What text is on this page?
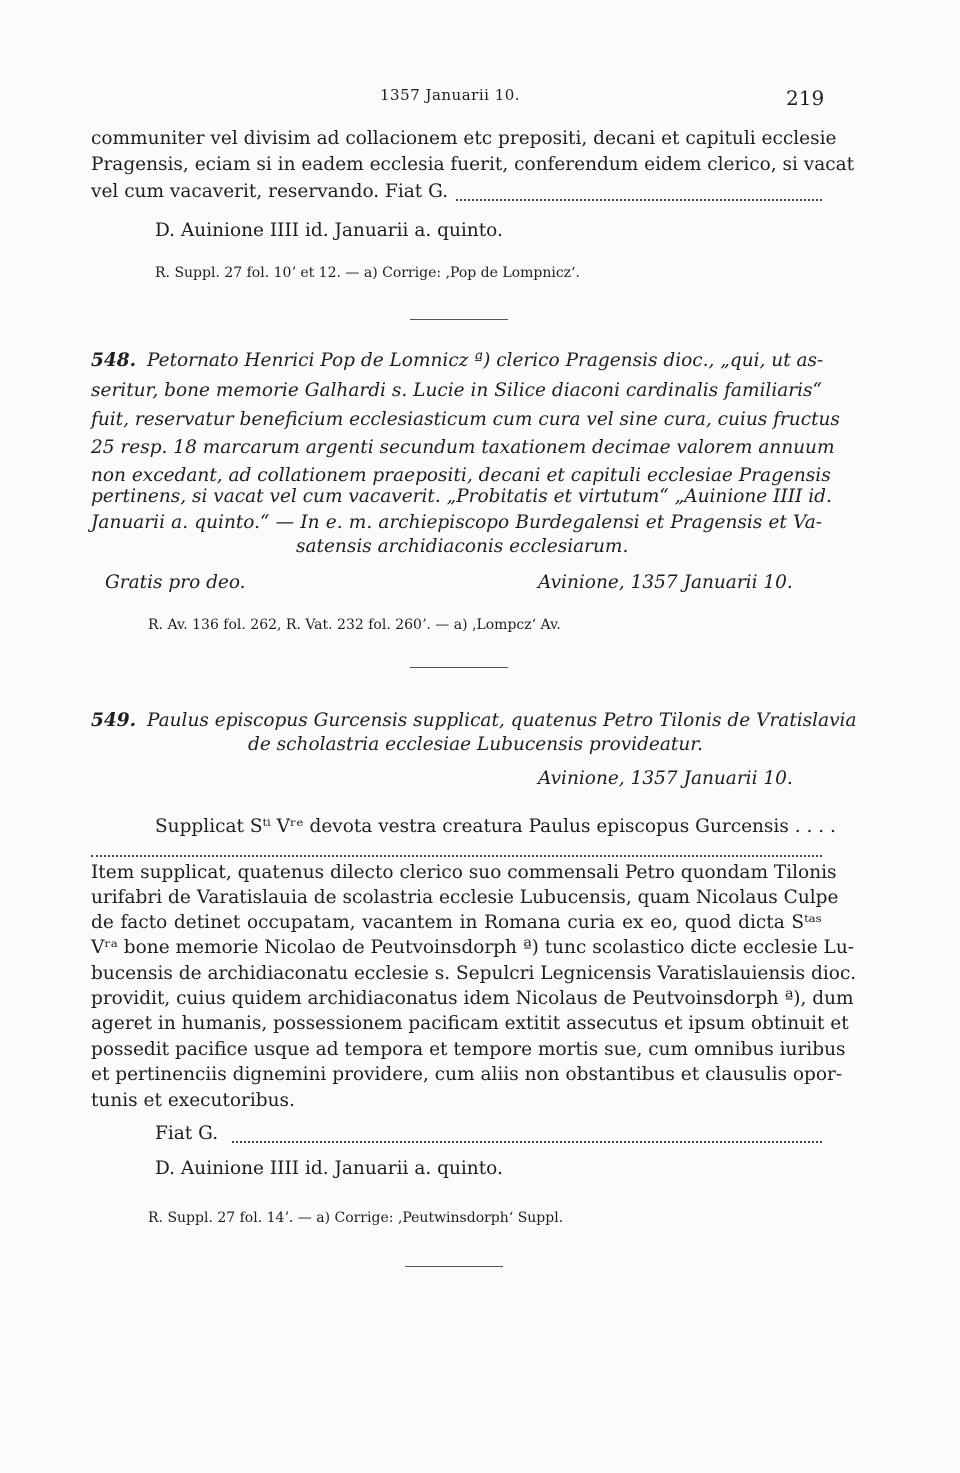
1357 Januarii 10.	219
communiter vel divisim ad collacionem etc prepositi, decani et capituli ecclesie
Pragensis, eciam si in eadem ecclesia fuerit, conferendum eidem clerico, si vacat
vel cum vacaverit, reservando. Fiat G.
D. Auinione IIII id. Januarii a. quinto.
R. Suppl. 27 fol. 10ʼ et 12. — a) Corrige: ‚Pop de Lompnicz‘.
548. Petornato Henrici Pop de Lomnicz ª) clerico Pragensis dioc., „qui, ut as-
seritur, bone memorie Galhardi s. Lucie in Silice diaconi cardinalis familiaris“
fuit, reservatur beneficium ecclesiasticum cum cura vel sine cura, cuius fructus
25 resp. 18 marcarum argenti secundum taxationem decimae valorem annuum
non excedant, ad collationem praepositi, decani et capituli ecclesiae Pragensis
pertinens, si vacat vel cum vacaverit. „Probitatis et virtutum“ „Auinione IIII id.
Januarii a. quinto.“ — In e. m. archiepiscopo Burdegalensi et Pragensis et Va-
satensis archidiaconis ecclesiarum.
Gratis pro deo.	Avinione, 1357 Januarii 10.
R. Av. 136 fol. 262, R. Vat. 232 fol. 260ʼ. — a) ‚Lompcz‘ Av.
549. Paulus episcopus Gurcensis supplicat, quatenus Petro Tilonis de Vratislavia
de scholastria ecclesiae Lubucensis provideatur.
Avinione, 1357 Januarii 10.
Supplicat Sᵗⁱ Vʳᵉ devota vestra creatura Paulus episcopus Gurcensis . . . .
Item supplicat, quatenus dilecto clerico suo commensali Petro quondam Tilonis
urifabri de Varatislauia de scolastria ecclesie Lubucensis, quam Nicolaus Culpe
de facto detinet occupatam, vacantem in Romana curia ex eo, quod dicta Sᵗᵃˢ
Vʳᵃ bone memorie Nicolao de Peutvoinsdorph ª) tunc scolastico dicte ecclesie Lu-
bucensis de archidiaconatu ecclesie s. Sepulcri Legnicensis Varatislauiensis dioc.
providit, cuius quidem archidiaconatus idem Nicolaus de Peutvoinsdorph ª), dum
ageret in humanis, possessionem pacificam extitit assecutus et ipsum obtinuit et
possedit pacifice usque ad tempora et tempore mortis sue, cum omnibus iuribus
et pertinenciis dignemini providere, cum aliis non obstantibus et clausulis opor-
tunis et executoribus.
Fiat G.
D. Auinione IIII id. Januarii a. quinto.
R. Suppl. 27 fol. 14ʼ. — a) Corrige: ‚Peutwinsdorph‘ Suppl.
